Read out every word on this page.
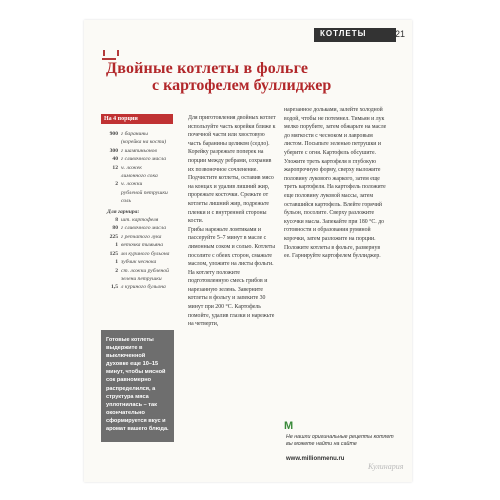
КОТЛЕТЫ	21
Двойные котлеты в фольге
с картофелем буллиджер
На 4 порции
900 г баранины
(корейка на кости)
300 г шампиньонов
40 г сливочного масла
12 ч. ложек
лимонного сока
2 ч. ложки
рубленой петрушки
соль
Для гарнира:
8 шт. картофеля
80 г сливочного масла
225 г репчатого лука
1 веточка тимьяна
125 мл куриного бульона
1 зубчик чеснока
2 ст. ложки рубленой
зелени петрушки
1,5 л куриного бульона
Готовые котлеты выдержите в выключенной духовке еще 10–15 минут, чтобы мясной сок равномерно распределился, а структура мяса уплотнилась – так окончательно сформируется вкус и аромат вашего блюда.
Для приготовления двойных котлет используйте часть корейки ближе к почечной части или хвостовую часть баранины целиком (седло). Корейку разрежьте поперек на порции между ребрами, сохранив их позвоночное сочленение. Подчистите котлеты, оставив мясо на концах и удалив лишний жир, прорежьте косточки. Срежьте от котлеты лишний жир, подрежьте пленки и с внутренней стороны кости.
Грибы нарежьте ломтиками и пассеруйте 5–7 минут в масле с лимонным соком и солью. Котлеты посолите с обеих сторон, смажьте маслом, уложите на листы фольги. На котлету положите подготовленную смесь грибов и нарезанную зелень. Заверните котлеты в фольгу и запеките 30 минут при 200 °С. Картофель помойте, удалив глазки и нарежьте на четверти,
нарезанное дольками, залейте холодной водой, чтобы не потемнел. Тимьян и лук мелко порубите, затем обжарьте на масле до мягкости с чесноком и лавровым листом. Посыпьте зеленью петрушки и уберите с огня. Картофель обсушите. Уложите треть картофеля в глубокую жаропрочную форму, сверху выложите половину лукового жаркого, затем еще треть картофеля. На картофель положите еще половину луковой массы, затем оставшийся картофель. Влейте горячий бульон, посолите. Сверху разложите кусочки масла. Запекайте при 180 °С. до готовности и образования румяной корочки, затем разложите на порции.
Положите котлеты в фольге, развернув ее. Гарнируйте картофелем буллиджер.
M
Не нашли оригинальные рецепты котлет вы можете найти на сайте
www.millionmenu.ru
Кулинария
